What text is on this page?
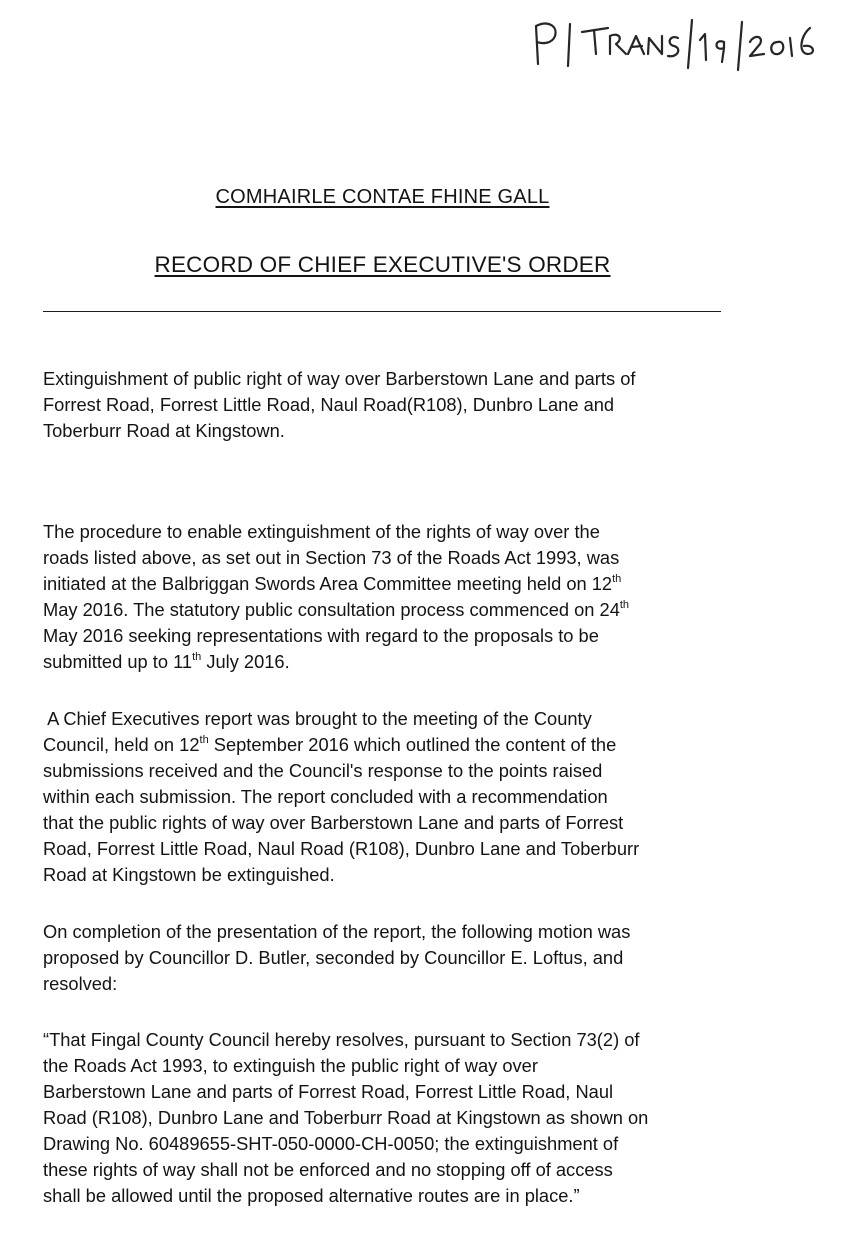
COMHAIRLE CONTAE FHINE GALL
RECORD OF CHIEF EXECUTIVE'S ORDER

Extinguishment of public right of way over Barberstown Lane and parts of
Forrest Road, Forrest Little Road, Naul Road(R108), Dunbro Lane and
Toberburr Road at Kingstown.

The procedure to enable extinguishment of the rights of way over the
roads listed above, as set out in Section 73 of the Roads Act 1993, was
initiated at the Balbriggan Swords Area Committee meeting held on 12th
May 2016. The statutory public consultation process commenced on 24th
May 2016 seeking representations with regard to the proposals to be
submitted up to 11th July 2016.

A Chief Executives report was brought to the meeting of the County
Council, held on 12th September 2016 which outlined the content of the
submissions received and the Council's response to the points raised
within each submission. The report concluded with a recommendation
that the public rights of way over Barberstown Lane and parts of Forrest
Road, Forrest Little Road, Naul Road (R108), Dunbro Lane and Toberburr
Road at Kingstown be extinguished.

On completion of the presentation of the report, the following motion was
proposed by Councillor D. Butler, seconded by Councillor E. Loftus, and
resolved:

“That Fingal County Council hereby resolves, pursuant to Section 73(2) of
the Roads Act 1993, to extinguish the public right of way over
Barberstown Lane and parts of Forrest Road, Forrest Little Road, Naul
Road (R108), Dunbro Lane and Toberburr Road at Kingstown as shown on
Drawing No. 60489655-SHT-050-0000-CH-0050; the extinguishment of
these rights of way shall not be enforced and no stopping off of access
shall be allowed until the proposed alternative routes are in place.”
